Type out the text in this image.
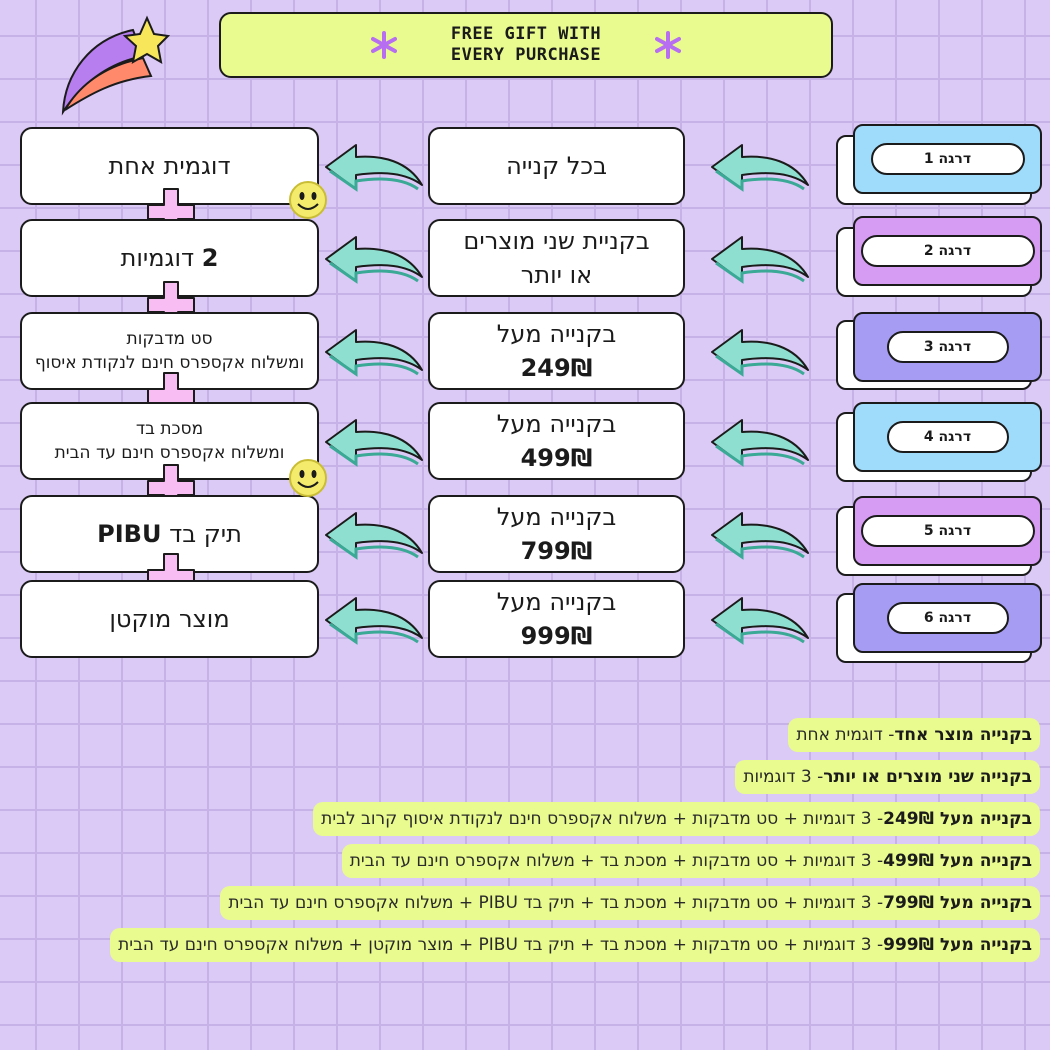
FREE GIFT WITH
EVERY PURCHASE
דוגמית אחת	בכל קנייה	דרגה 1
2 דוגמיות
בקניית שני מוצרים
או יותר
דרגה 2
סט מדבקות
ומשלוח אקספרס חינם לנקודת איסוף
בקנייה מעל
249₪
דרגה 3
מסכת בד
ומשלוח אקספרס חינם עד הבית
בקנייה מעל
499₪
דרגה 4
תיק בד PIBU
בקנייה מעל
799₪
דרגה 5
מוצר מוקטן
בקנייה מעל
999₪
דרגה 6
בקנייה מוצר אחד
- דוגמית אחת
בקנייה שני מוצרים או יותר
- 3 דוגמיות
בקנייה מעל 249₪
- 3 דוגמיות + סט מדבקות + משלוח אקספרס חינם לנקודת איסוף קרוב לבית
בקנייה מעל 499₪
- 3 דוגמיות + סט מדבקות + מסכת בד + משלוח אקספרס חינם עד הבית
בקנייה מעל 799₪
- 3 דוגמיות + סט מדבקות + מסכת בד + תיק בד PIBU + משלוח אקספרס חינם עד הבית
בקנייה מעל 999₪
- 3 דוגמיות + סט מדבקות + מסכת בד + תיק בד PIBU + מוצר מוקטן + משלוח אקספרס חינם עד הבית
